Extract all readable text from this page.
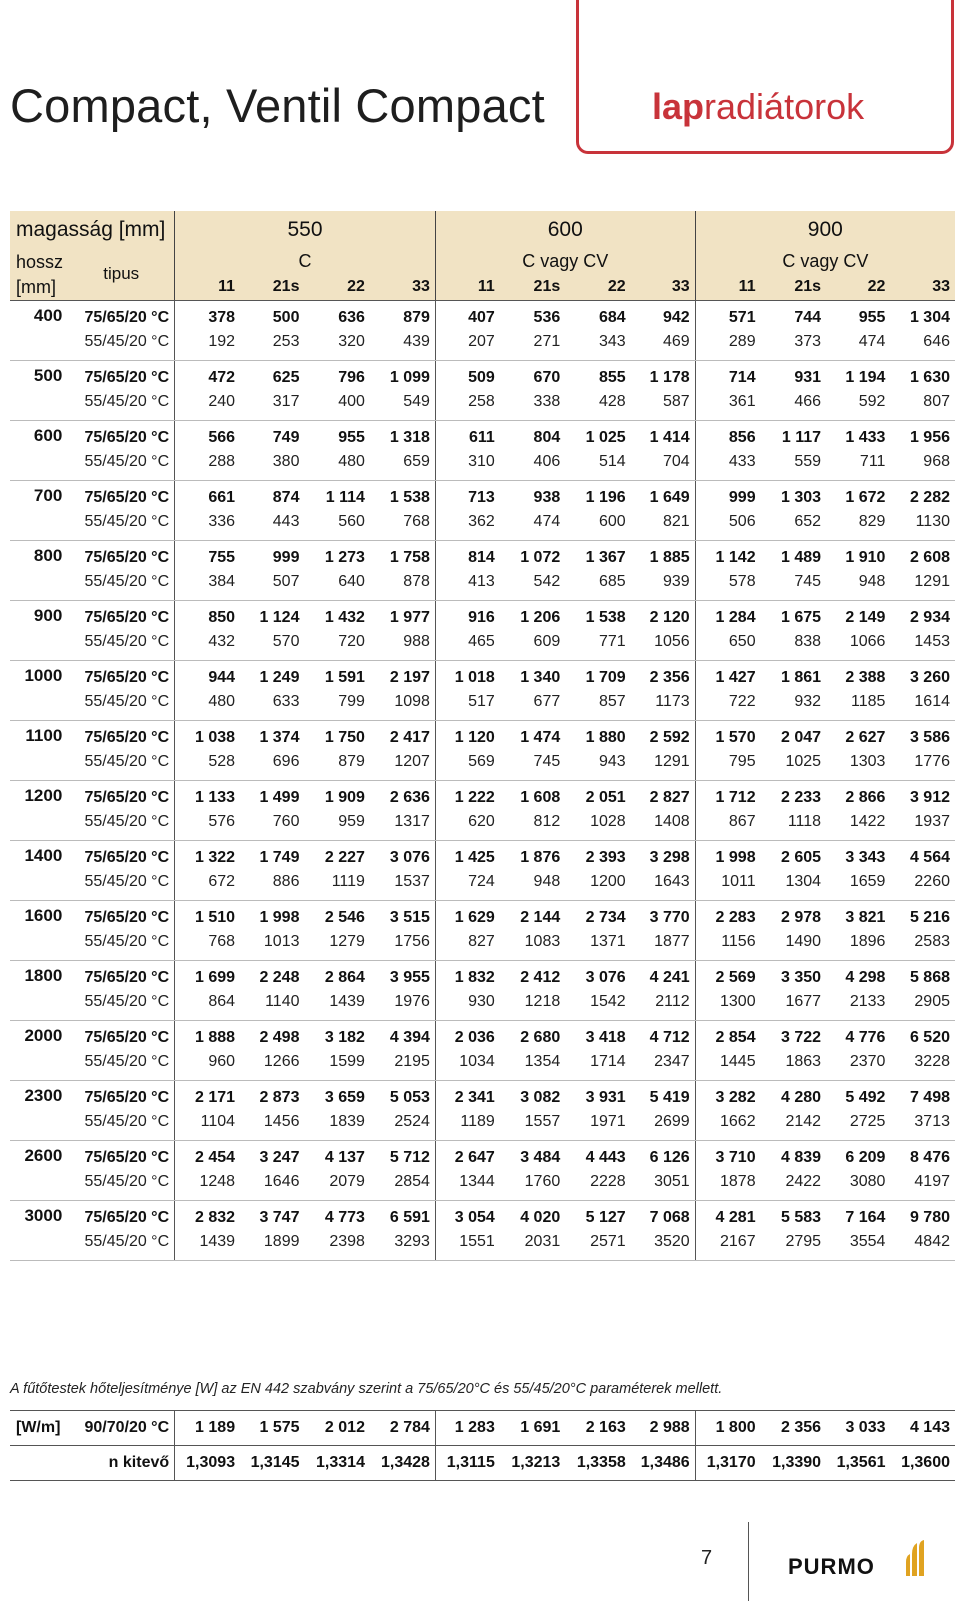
Compact, Ventil Compact	lapradiátorok
magasság [mm]		550				600				900			
hossz
[mm]	tipus	C				C vagy CV				C vagy CV			
		11	21s	22	33	11	21s	22	33	11	21s	22	33
400	75/65/20 °C	378	500	636	879	407	536	684	942	571	744	955	1 304
	55/45/20 °C	192	253	320	439	207	271	343	469	289	373	474	646
500	75/65/20 °C	472	625	796	1 099	509	670	855	1 178	714	931	1 194	1 630
	55/45/20 °C	240	317	400	549	258	338	428	587	361	466	592	807
600	75/65/20 °C	566	749	955	1 318	611	804	1 025	1 414	856	1 117	1 433	1 956
	55/45/20 °C	288	380	480	659	310	406	514	704	433	559	711	968
700	75/65/20 °C	661	874	1 114	1 538	713	938	1 196	1 649	999	1 303	1 672	2 282
	55/45/20 °C	336	443	560	768	362	474	600	821	506	652	829	1130
800	75/65/20 °C	755	999	1 273	1 758	814	1 072	1 367	1 885	1 142	1 489	1 910	2 608
	55/45/20 °C	384	507	640	878	413	542	685	939	578	745	948	1291
900	75/65/20 °C	850	1 124	1 432	1 977	916	1 206	1 538	2 120	1 284	1 675	2 149	2 934
	55/45/20 °C	432	570	720	988	465	609	771	1056	650	838	1066	1453
1000	75/65/20 °C	944	1 249	1 591	2 197	1 018	1 340	1 709	2 356	1 427	1 861	2 388	3 260
	55/45/20 °C	480	633	799	1098	517	677	857	1173	722	932	1185	1614
1100	75/65/20 °C	1 038	1 374	1 750	2 417	1 120	1 474	1 880	2 592	1 570	2 047	2 627	3 586
	55/45/20 °C	528	696	879	1207	569	745	943	1291	795	1025	1303	1776
1200	75/65/20 °C	1 133	1 499	1 909	2 636	1 222	1 608	2 051	2 827	1 712	2 233	2 866	3 912
	55/45/20 °C	576	760	959	1317	620	812	1028	1408	867	1118	1422	1937
1400	75/65/20 °C	1 322	1 749	2 227	3 076	1 425	1 876	2 393	3 298	1 998	2 605	3 343	4 564
	55/45/20 °C	672	886	1119	1537	724	948	1200	1643	1011	1304	1659	2260
1600	75/65/20 °C	1 510	1 998	2 546	3 515	1 629	2 144	2 734	3 770	2 283	2 978	3 821	5 216
	55/45/20 °C	768	1013	1279	1756	827	1083	1371	1877	1156	1490	1896	2583
1800	75/65/20 °C	1 699	2 248	2 864	3 955	1 832	2 412	3 076	4 241	2 569	3 350	4 298	5 868
	55/45/20 °C	864	1140	1439	1976	930	1218	1542	2112	1300	1677	2133	2905
2000	75/65/20 °C	1 888	2 498	3 182	4 394	2 036	2 680	3 418	4 712	2 854	3 722	4 776	6 520
	55/45/20 °C	960	1266	1599	2195	1034	1354	1714	2347	1445	1863	2370	3228
2300	75/65/20 °C	2 171	2 873	3 659	5 053	2 341	3 082	3 931	5 419	3 282	4 280	5 492	7 498
	55/45/20 °C	1104	1456	1839	2524	1189	1557	1971	2699	1662	2142	2725	3713
2600	75/65/20 °C	2 454	3 247	4 137	5 712	2 647	3 484	4 443	6 126	3 710	4 839	6 209	8 476
	55/45/20 °C	1248	1646	2079	2854	1344	1760	2228	3051	1878	2422	3080	4197
3000	75/65/20 °C	2 832	3 747	4 773	6 591	3 054	4 020	5 127	7 068	4 281	5 583	7 164	9 780
	55/45/20 °C	1439	1899	2398	3293	1551	2031	2571	3520	2167	2795	3554	4842
A fűtőtestek hőteljesítménye [W] az EN 442 szabvány szerint a 75/65/20°C és 55/45/20°C paraméterek mellett.
[W/m]	90/70/20 °C	1 189	1 575	2 012	2 784	1 283	1 691	2 163	2 988	1 800	2 356	3 033	4 143
n kitevő		1,3093	1,3145	1,3314	1,3428	1,3115	1,3213	1,3358	1,3486	1,3170	1,3390	1,3561	1,3600
7	PURMO
